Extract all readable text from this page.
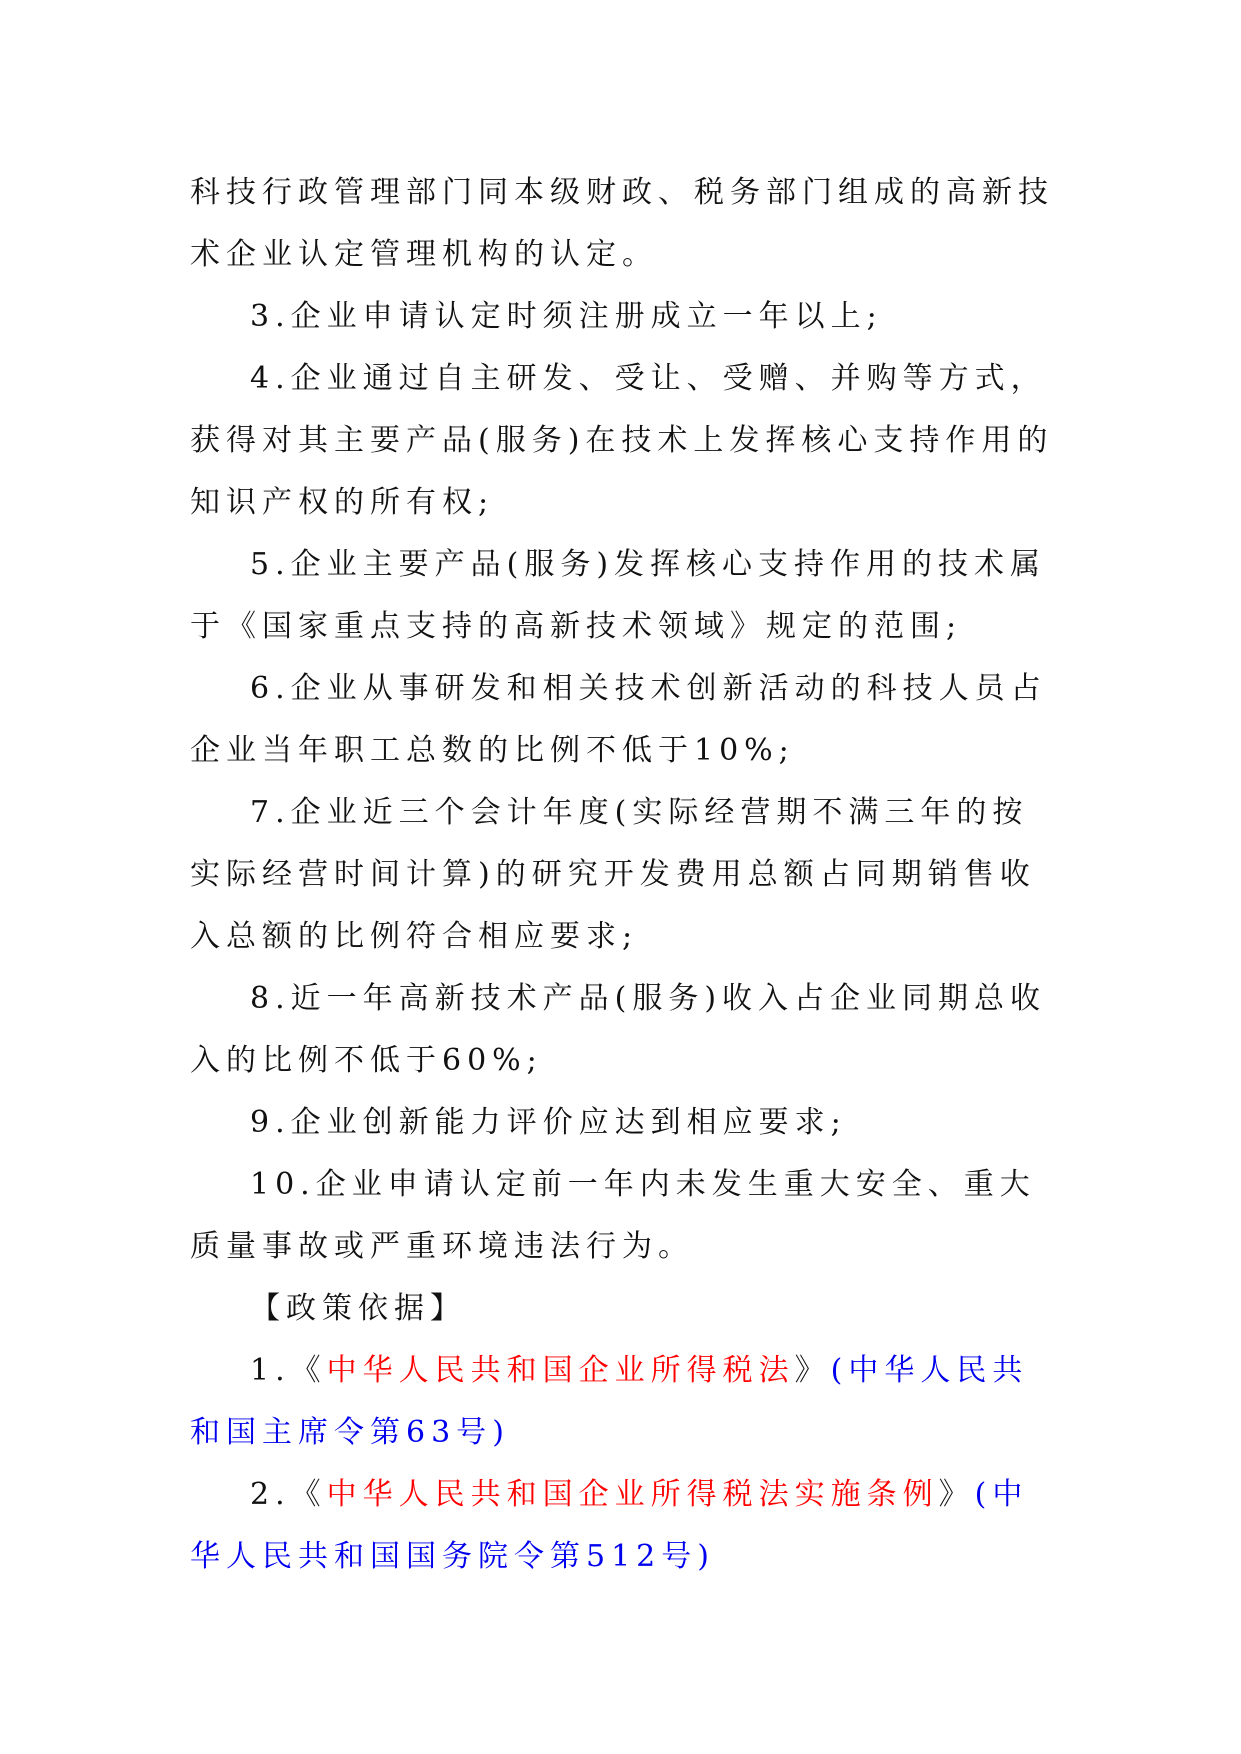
科技行政管理部门同本级财政、税务部门组成的高新技术企业认定管理机构的认定。

3.企业申请认定时须注册成立一年以上;

4.企业通过自主研发、受让、受赠、并购等方式，获得对其主要产品(服务)在技术上发挥核心支持作用的知识产权的所有权;

5.企业主要产品(服务)发挥核心支持作用的技术属于《国家重点支持的高新技术领域》规定的范围;

6.企业从事研发和相关技术创新活动的科技人员占企业当年职工总数的比例不低于10%;

7.企业近三个会计年度(实际经营期不满三年的按实际经营时间计算)的研究开发费用总额占同期销售收入总额的比例符合相应要求;

8.近一年高新技术产品(服务)收入占企业同期总收入的比例不低于60%;

9.企业创新能力评价应达到相应要求;

10.企业申请认定前一年内未发生重大安全、重大质量事故或严重环境违法行为。

【政策依据】

1.《中华人民共和国企业所得税法》(中华人民共和国主席令第63号)

2.《中华人民共和国企业所得税法实施条例》(中华人民共和国国务院令第512号)
